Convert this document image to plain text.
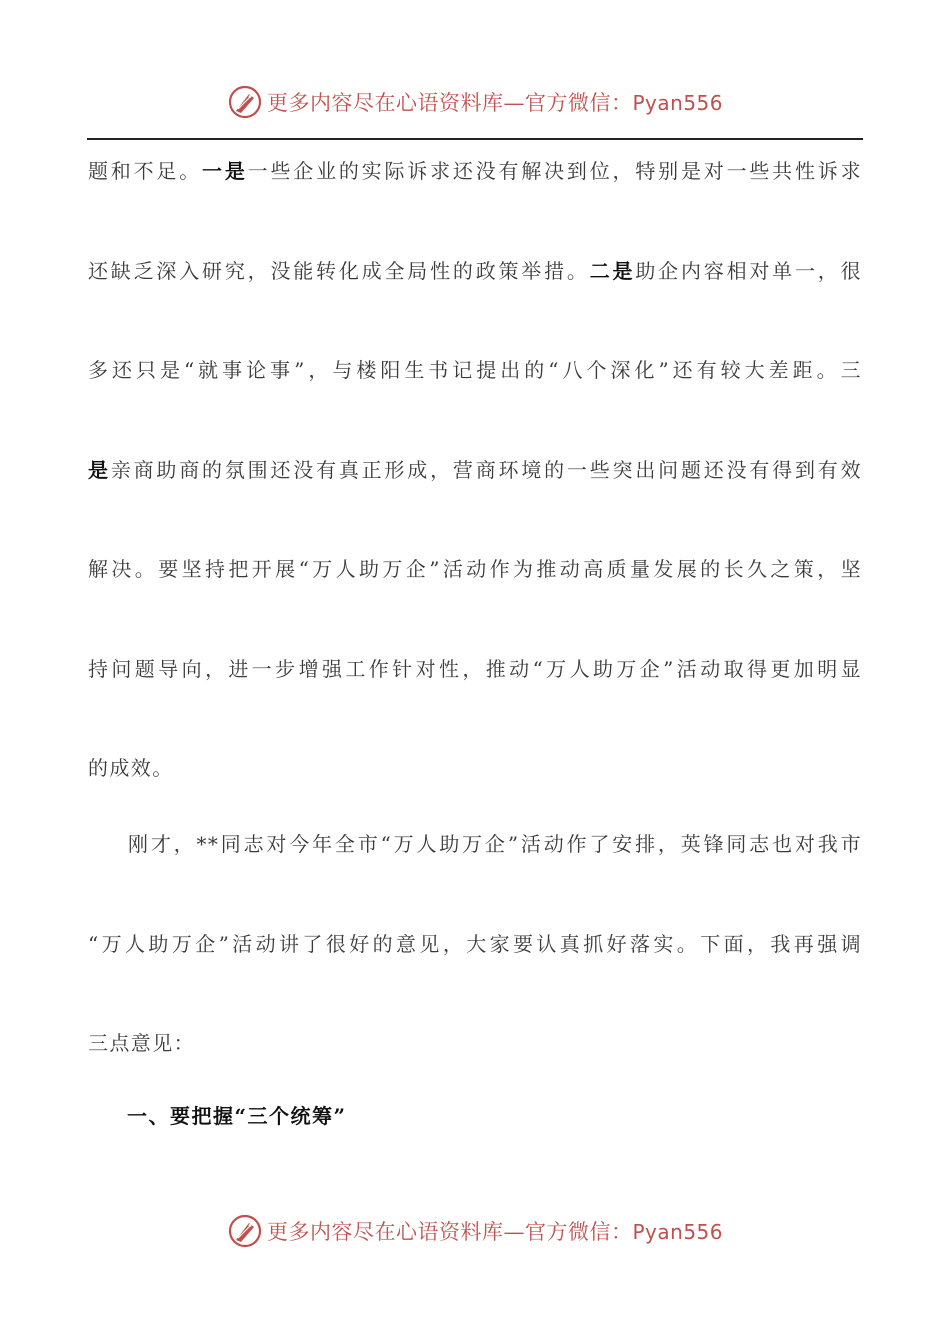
更多内容尽在心语资料库—官方微信：Pyan556
题和不足。一是一些企业的实际诉求还没有解决到位，特别是对一些共性诉求
还缺乏深入研究，没能转化成全局性的政策举措。二是助企内容相对单一，很
多还只是“就事论事”，与楼阳生书记提出的“八个深化”还有较大差距。三
是亲商助商的氛围还没有真正形成，营商环境的一些突出问题还没有得到有效
解决。要坚持把开展“万人助万企”活动作为推动高质量发展的长久之策，坚
持问题导向，进一步增强工作针对性，推动“万人助万企”活动取得更加明显
的成效。
刚才，**同志对今年全市“万人助万企”活动作了安排，英锋同志也对我市
“万人助万企”活动讲了很好的意见，大家要认真抓好落实。下面，我再强调
三点意见：
一、要把握“三个统筹”
更多内容尽在心语资料库—官方微信：Pyan556
